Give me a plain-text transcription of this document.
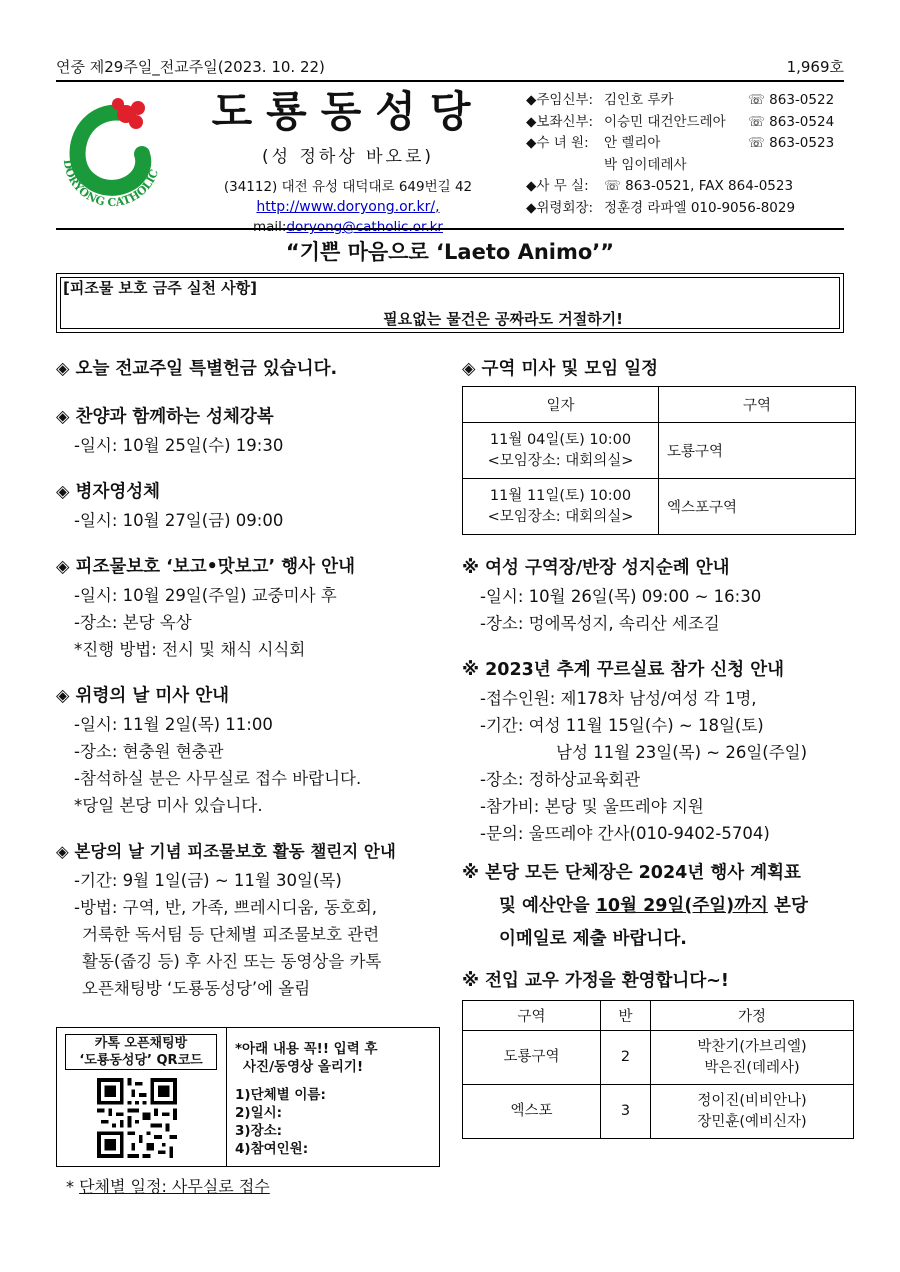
연중 제29주일_전교주일(2023. 10. 22)	1,969호
DORYONG CATHOLIC
도룡동성당
(성 정하상 바오로)
(34112) 대전 유성 대덕대로 649번길 42
http://www.doryong.or.kr/,
mail:doryong@catholic.or.kr
◆주임신부: 김인호 루카	☏ 863-0522
◆보좌신부: 이승민 대건안드레아	☏ 863-0524
◆수 녀 원:	안 렐리아	☏ 863-0523
박 임이데레사
◆사 무 실:	☏ 863-0521, FAX 864-0523
◆위령회장: 정훈경 라파엘 010-9056-8029
“기쁜 마음으로 ‘Laeto Animo’”
[피조물 보호 금주 실천 사항]
필요없는 물건은 공짜라도 거절하기!
◈ 오늘 전교주일 특별헌금 있습니다.
◈ 찬양과 함께하는 성체강복
-일시: 10월 25일(수) 19:30
◈ 병자영성체
-일시: 10월 27일(금) 09:00
◈ 피조물보호 ‘보고•맛보고’ 행사 안내
-일시: 10월 29일(주일) 교중미사 후
-장소: 본당 옥상
*진행 방법: 전시 및 채식 시식회
◈ 위령의 날 미사 안내
-일시: 11월 2일(목) 11:00
-장소: 현충원 현충관
-참석하실 분은 사무실로 접수 바랍니다.
*당일 본당 미사 있습니다.
◈ 본당의 날 기념 피조물보호 활동 챌린지 안내
-기간: 9월 1일(금) ~ 11월 30일(목)
-방법: 구역, 반, 가족, 쁘레시디움, 동호회,
거룩한 독서팀 등 단체별 피조물보호 관련
활동(줍깅 등) 후 사진 또는 동영상을 카톡
오픈채팅방 ‘도룡동성당’에 올림
카톡 오픈채팅방
‘도룡동성당’ QR코드
*아래 내용 꼭!! 입력 후
사진/동영상 올리기!
1)단체별 이름:
2)일시:
3)장소:
4)참여인원:
* 단체별 일정: 사무실로 접수
◈ 구역 미사 및 모임 일정
일자	구역

11월 04일(토) 10:00
<모임장소: 대회의실>	도룡구역

11월 11일(토) 10:00
<모임장소: 대회의실>	엑스포구역
※ 여성 구역장/반장 성지순례 안내
-일시: 10월 26일(목) 09:00 ~ 16:30
-장소: 멍에목성지, 속리산 세조길
※ 2023년 추계 꾸르실료 참가 신청 안내
-접수인원: 제178차 남성/여성 각 1명,
-기간: 여성 11월 15일(수) ~ 18일(토)
남성 11월 23일(목) ~ 26일(주일)
-장소: 정하상교육회관
-참가비: 본당 및 울뜨레야 지원
-문의: 울뜨레야 간사(010-9402-5704)
※ 본당 모든 단체장은 2024년 행사 계획표
및 예산안을 10월 29일(주일)까지 본당
이메일로 제출 바랍니다.
※ 전입 교우 가정을 환영합니다~!
구역	반	가정
도룡구역	2	박찬기(가브리엘)
박은진(데레사)

엑스포	3	정이진(비비안나)
장민훈(예비신자)
